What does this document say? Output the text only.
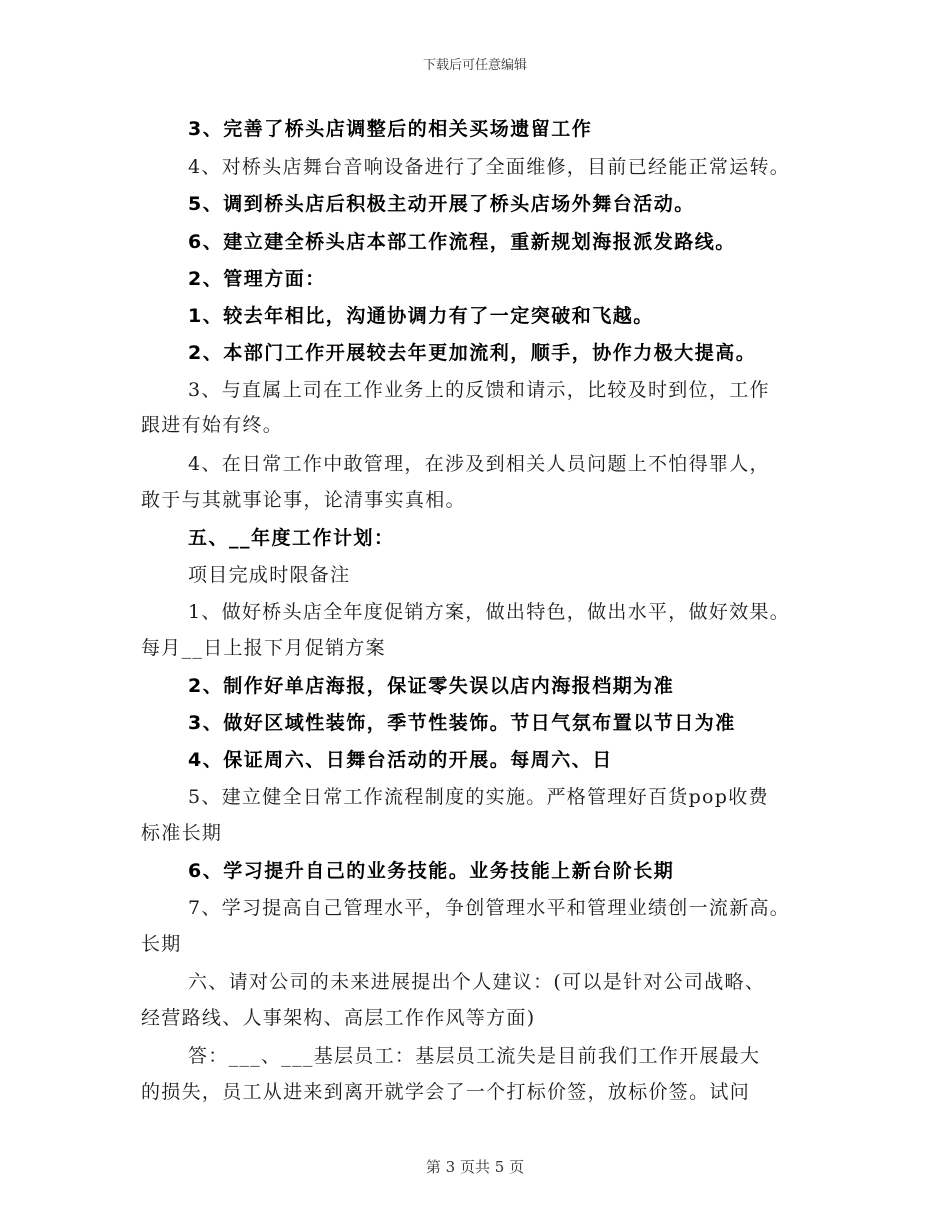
下载后可任意编辑
3、完善了桥头店调整后的相关买场遗留工作
4、对桥头店舞台音响设备进行了全面维修，目前已经能正常运转。
5、调到桥头店后积极主动开展了桥头店场外舞台活动。
6、建立建全桥头店本部工作流程，重新规划海报派发路线。
2、管理方面：
1、较去年相比，沟通协调力有了一定突破和飞越。
2、本部门工作开展较去年更加流利，顺手，协作力极大提高。
3、与直属上司在工作业务上的反馈和请示，比较及时到位，工作
跟进有始有终。
4、在日常工作中敢管理，在涉及到相关人员问题上不怕得罪人，
敢于与其就事论事，论清事实真相。
五、__年度工作计划：
项目完成时限备注
1、做好桥头店全年度促销方案，做出特色，做出水平，做好效果。
每月__日上报下月促销方案
2、制作好单店海报，保证零失误以店内海报档期为准
3、做好区域性装饰，季节性装饰。节日气氛布置以节日为准
4、保证周六、日舞台活动的开展。每周六、日
5、建立健全日常工作流程制度的实施。严格管理好百货pop收费
标准长期
6、学习提升自己的业务技能。业务技能上新台阶长期
7、学习提高自己管理水平，争创管理水平和管理业绩创一流新高。
长期
六、请对公司的未来进展提出个人建议：(可以是针对公司战略、
经营路线、人事架构、高层工作作风等方面)
答：___、___基层员工：基层员工流失是目前我们工作开展最大
的损失，员工从进来到离开就学会了一个打标价签，放标价签。试问
第 3 页共 5 页
